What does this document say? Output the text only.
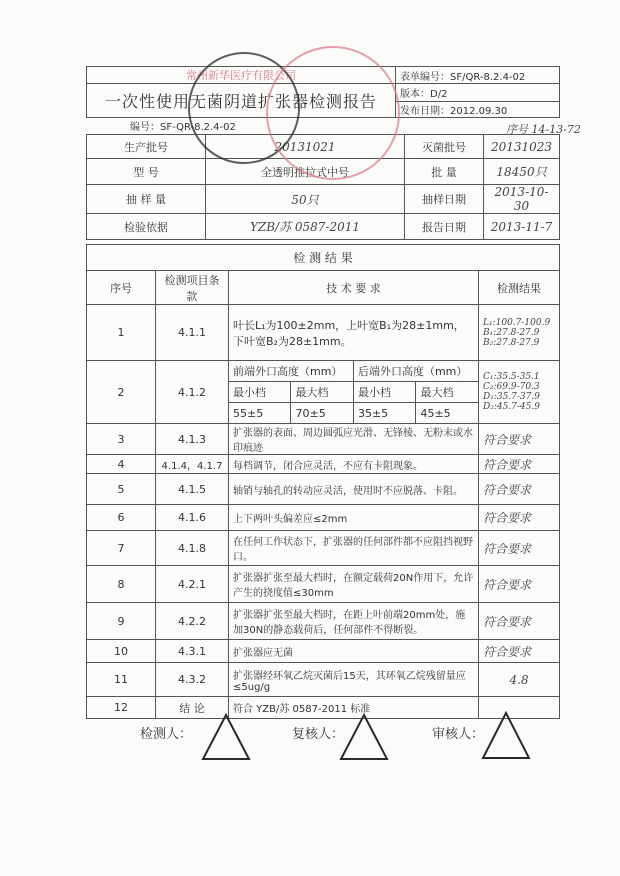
常州新华医疗有限公司	表单编号：SF/QR-8.2.4-02
一次性使用无菌阴道扩张器检测报告	版本：D/2
	发布日期：2012.09.30
编号：SF-QR-8.2.4-02	序号 14-13-72
生产批号	20131021	灭菌批号	20131023
型 号	全透明推拉式中号	批 量	18450只
抽 样 量	50只	抽样日期	2013-10-30
检验依据	YZB/苏 0587-2011	报告日期	2013-11-7
检 测 结 果						
序号	检测项目条款	技 术 要 求				检测结果
1	4.1.1	叶长L₁为100±2mm，上叶宽B₁为28±1mm，下叶宽B₂为28±1mm。				L₁:100.7-100.9 B₁:27.8-27.9 B₂:27.8-27.9
2	4.1.2	前端外口高度（mm）		后端外口高度（mm）		C₁:35.5-35.1 C₂:69.9-70.3 D₁:35.7-37.9 D₂:45.7-45.9
		最小档	最大档	最小档	最大档	
		55±5	70±5	35±5	45±5	
3	4.1.3	扩张器的表面、周边圆弧应光滑、无锋棱、无粉末或水印痕迹				符合要求
4	4.1.4，4.1.7	每档调节，闭合应灵活，不应有卡阻现象。				符合要求
5	4.1.5	轴销与轴孔的转动应灵活，使用时不应脱落、卡阻。				符合要求
6	4.1.6	上下两叶头偏差应≤2mm				符合要求
7	4.1.8	在任何工作状态下，扩张器的任何部件都不应阻挡视野口。				符合要求
8	4.2.1	扩张器扩张至最大档时，在额定载荷20N作用下，允许产生的挠度值≤30mm				符合要求
9	4.2.2	扩张器扩张至最大档时，在距上叶前端20mm处，施加30N的静态载荷后，任何部件不得断裂。				符合要求
10	4.3.1	扩张器应无菌				符合要求
11	4.3.2	扩张器经环氧乙烷灭菌后15天，其环氧乙烷残留量应≤5ug/g				4.8
12	结 论	符合 YZB/苏 0587-2011 标准				
检测人：	复核人：	审核人：
